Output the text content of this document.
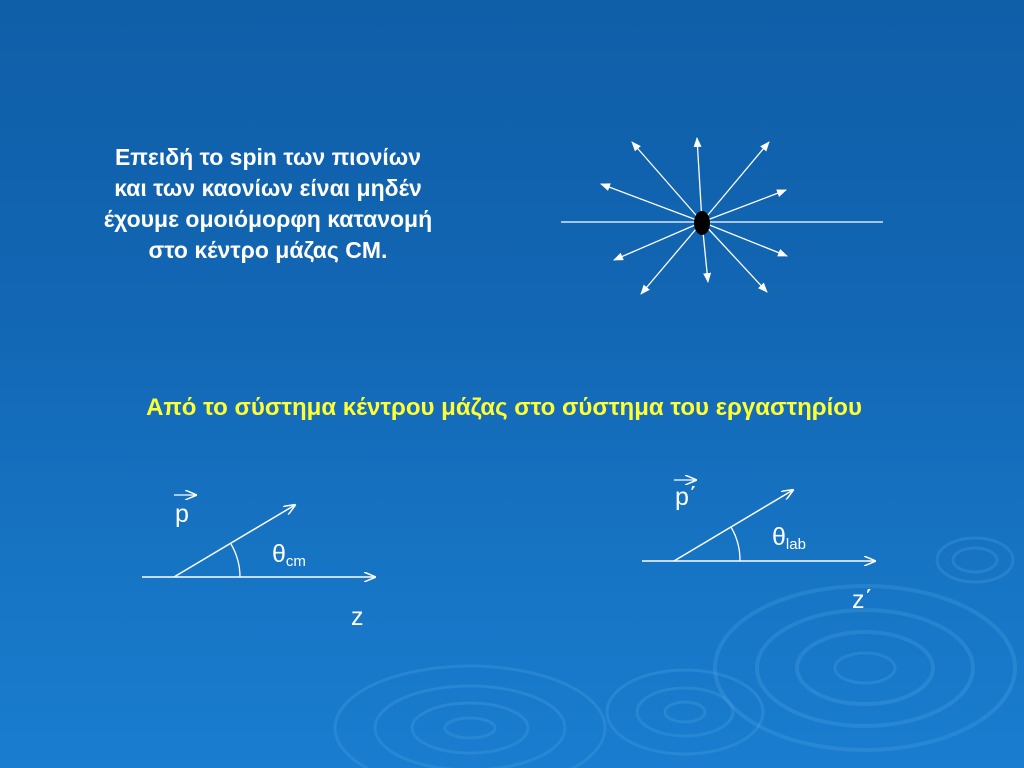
Επειδή το spin των πιονίων
και των καονίων είναι μηδέν
έχουμε ομοιόμορφη κατανομή
στο κέντρο μάζας CM.
Από το σύστημα κέντρου μάζας στο σύστημα του εργαστηρίου
p
$\theta_{cm}$
z
p΄
$\theta_{lab}$
z΄
